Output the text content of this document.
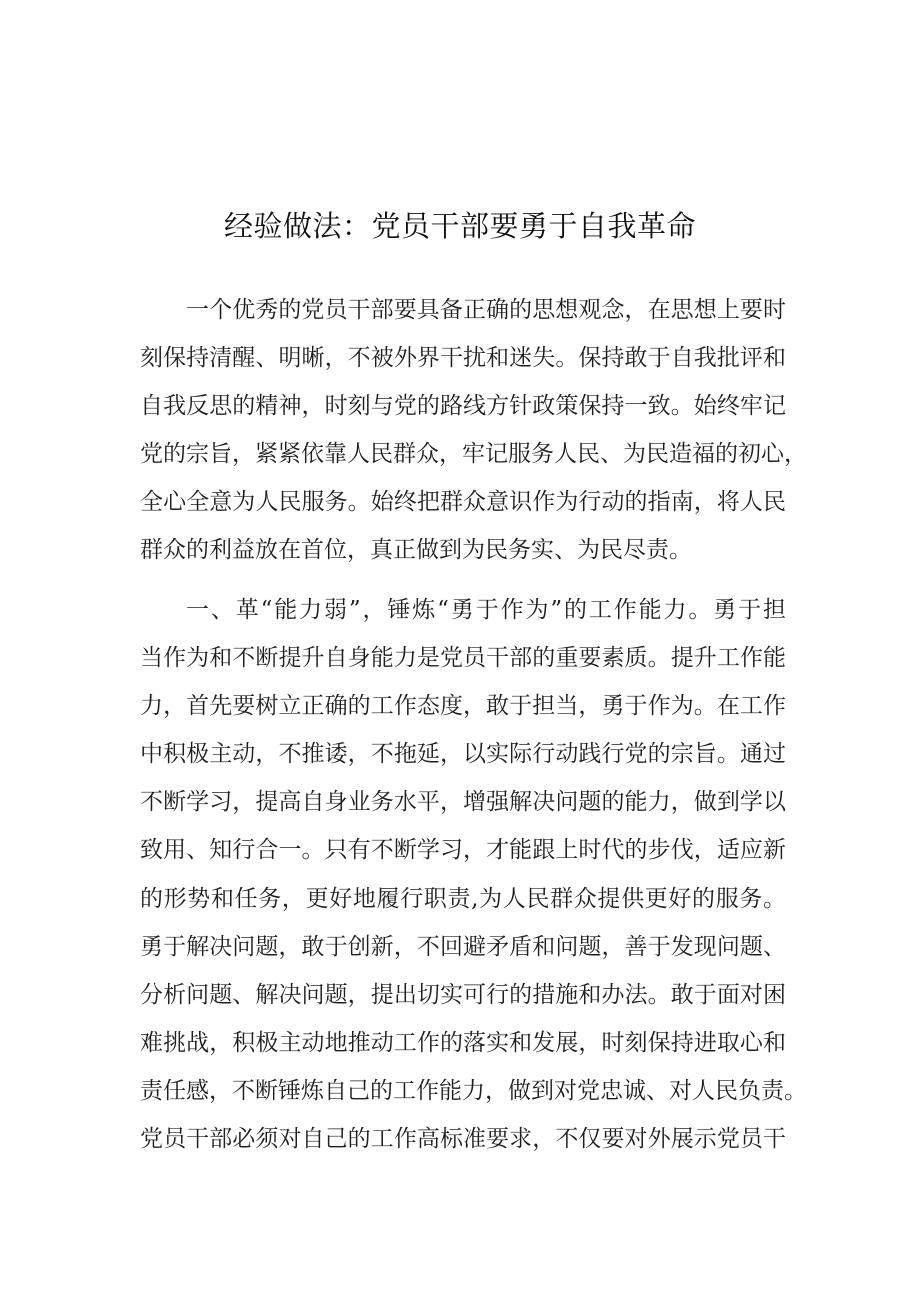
经验做法：党员干部要勇于自我革命
一个优秀的党员干部要具备正确的思想观念，在思想上要时
刻保持清醒、明晰，不被外界干扰和迷失。保持敢于自我批评和
自我反思的精神，时刻与党的路线方针政策保持一致。始终牢记
党的宗旨，紧紧依靠人民群众，牢记服务人民、为民造福的初心，
全心全意为人民服务。始终把群众意识作为行动的指南，将人民
群众的利益放在首位，真正做到为民务实、为民尽责。
一、革“能力弱”，锤炼“勇于作为”的工作能力。勇于担
当作为和不断提升自身能力是党员干部的重要素质。提升工作能
力，首先要树立正确的工作态度，敢于担当，勇于作为。在工作
中积极主动，不推诿，不拖延，以实际行动践行党的宗旨。通过
不断学习，提高自身业务水平，增强解决问题的能力，做到学以
致用、知行合一。只有不断学习，才能跟上时代的步伐，适应新
的形势和任务，更好地履行职责,为人民群众提供更好的服务。
勇于解决问题，敢于创新，不回避矛盾和问题，善于发现问题、
分析问题、解决问题，提出切实可行的措施和办法。敢于面对困
难挑战，积极主动地推动工作的落实和发展，时刻保持进取心和
责任感，不断锤炼自己的工作能力，做到对党忠诚、对人民负责。
党员干部必须对自己的工作高标准要求，不仅要对外展示党员干
